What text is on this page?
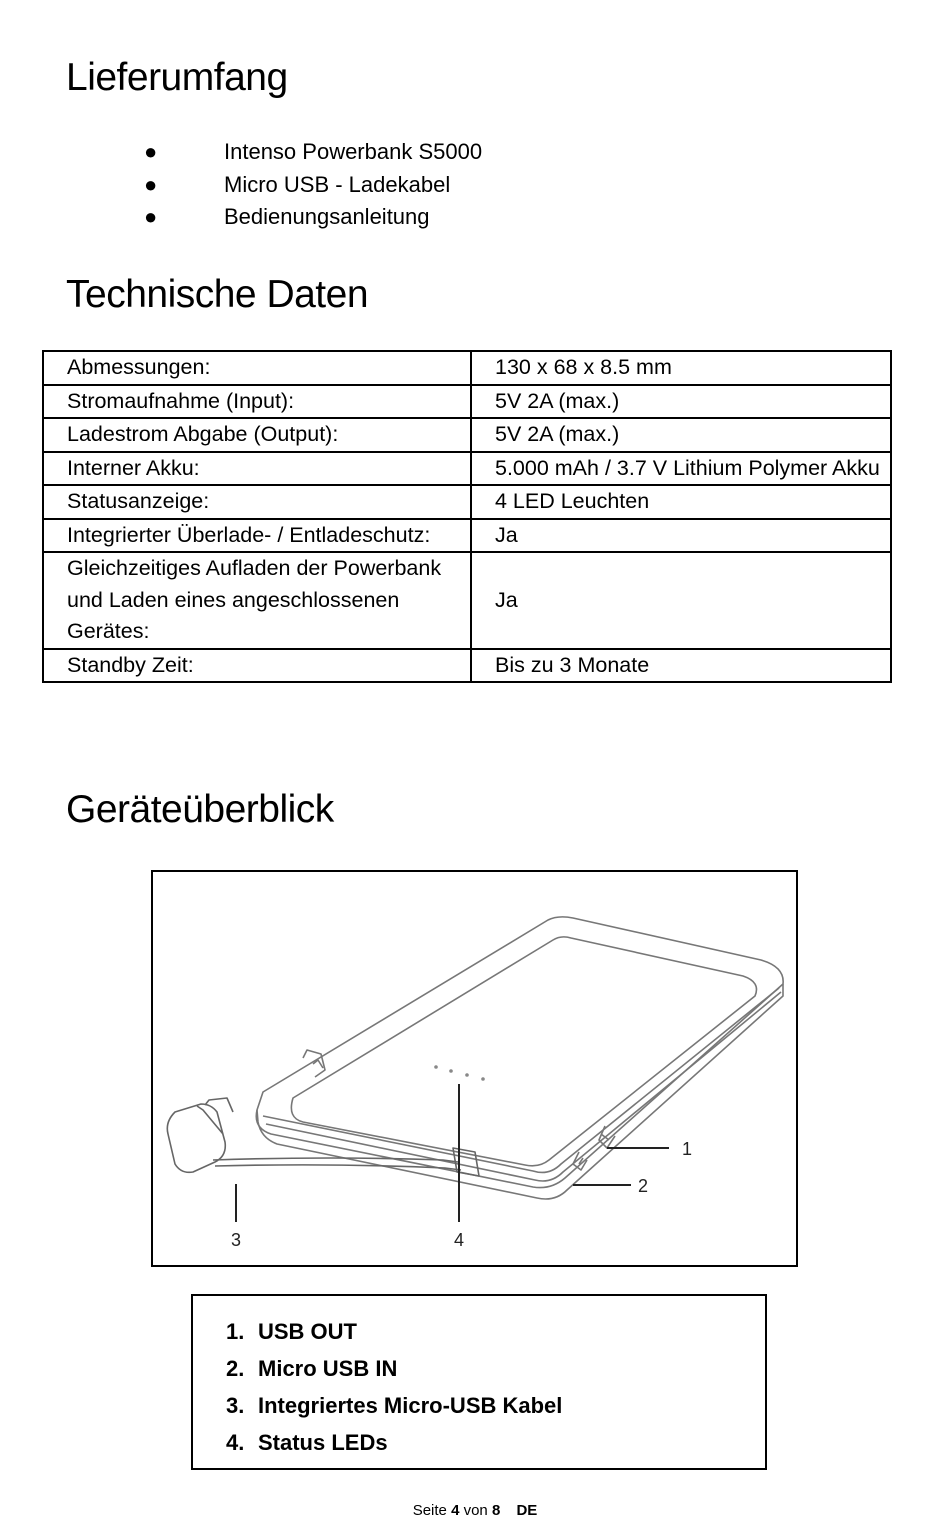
Lieferumfang
●	Intenso Powerbank S5000
●	Micro USB - Ladekabel
●	Bedienungsanleitung
Technische Daten
Abmessungen:	130 x 68 x 8.5 mm
Stromaufnahme (Input):	5V 2A (max.)
Ladestrom Abgabe (Output):	5V 2A (max.)
Interner Akku:	5.000 mAh / 3.7 V Lithium Polymer Akku
Statusanzeige:	4 LED Leuchten
Integrierter Überlade- / Entladeschutz:	Ja
Gleichzeitiges Aufladen der Powerbank und Laden eines angeschlossenen Gerätes:	Ja
Standby Zeit:	Bis zu 3 Monate
Geräteüberblick
1
2
3	4
1. USB OUT
2. Micro USB IN
3. Integriertes Micro-USB Kabel
4. Status LEDs
Seite 4 von 8 DE
